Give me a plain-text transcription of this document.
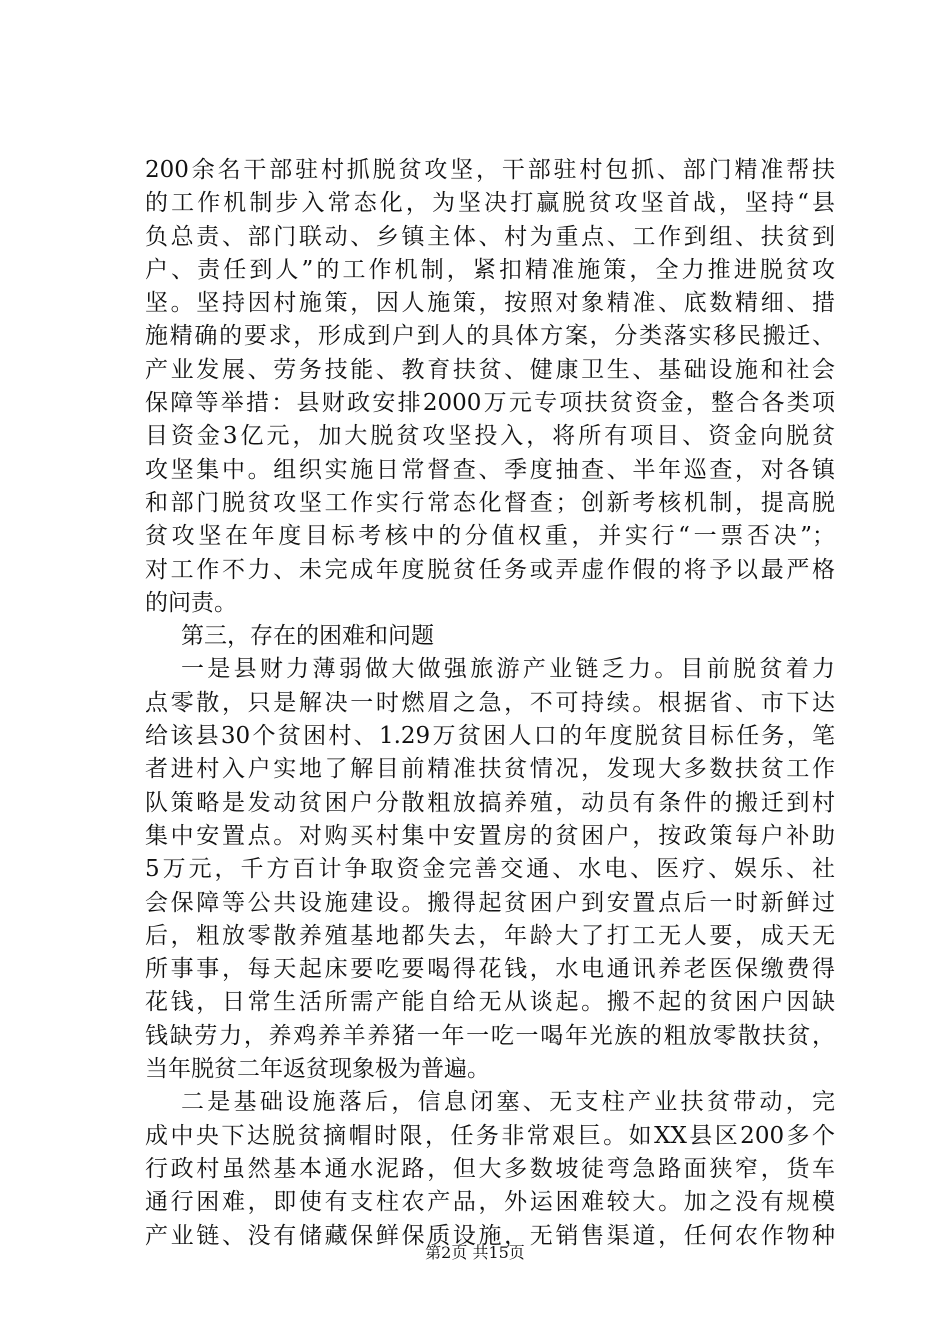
200余名干部驻村抓脱贫攻坚，干部驻村包抓、部门精准帮扶
的工作机制步入常态化，为坚决打赢脱贫攻坚首战，坚持“县
负总责、部门联动、乡镇主体、村为重点、工作到组、扶贫到
户、责任到人”的工作机制，紧扣精准施策，全力推进脱贫攻
坚。坚持因村施策，因人施策，按照对象精准、底数精细、措
施精确的要求，形成到户到人的具体方案，分类落实移民搬迁、
产业发展、劳务技能、教育扶贫、健康卫生、基础设施和社会
保障等举措：县财政安排2000万元专项扶贫资金，整合各类项
目资金3亿元，加大脱贫攻坚投入，将所有项目、资金向脱贫
攻坚集中。组织实施日常督查、季度抽查、半年巡查，对各镇
和部门脱贫攻坚工作实行常态化督查；创新考核机制，提高脱
贫攻坚在年度目标考核中的分值权重，并实行“一票否决”；
对工作不力、未完成年度脱贫任务或弄虚作假的将予以最严格
的问责。
第三，存在的困难和问题
一是县财力薄弱做大做强旅游产业链乏力。目前脱贫着力
点零散，只是解决一时燃眉之急，不可持续。根据省、市下达
给该县30个贫困村、1.29万贫困人口的年度脱贫目标任务，笔
者进村入户实地了解目前精准扶贫情况，发现大多数扶贫工作
队策略是发动贫困户分散粗放搞养殖，动员有条件的搬迁到村
集中安置点。对购买村集中安置房的贫困户，按政策每户补助
5万元，千方百计争取资金完善交通、水电、医疗、娱乐、社
会保障等公共设施建设。搬得起贫困户到安置点后一时新鲜过
后，粗放零散养殖基地都失去，年龄大了打工无人要，成天无
所事事，每天起床要吃要喝得花钱，水电通讯养老医保缴费得
花钱，日常生活所需产能自给无从谈起。搬不起的贫困户因缺
钱缺劳力，养鸡养羊养猪一年一吃一喝年光族的粗放零散扶贫，
当年脱贫二年返贫现象极为普遍。
二是基础设施落后，信息闭塞、无支柱产业扶贫带动，完
成中央下达脱贫摘帽时限，任务非常艰巨。如XX县区200多个
行政村虽然基本通水泥路，但大多数坡徒弯急路面狭窄，货车
通行困难，即使有支柱农产品，外运困难较大。加之没有规模
产业链、没有储藏保鲜保质设施，无销售渠道，任何农作物种
第2页 共15页
